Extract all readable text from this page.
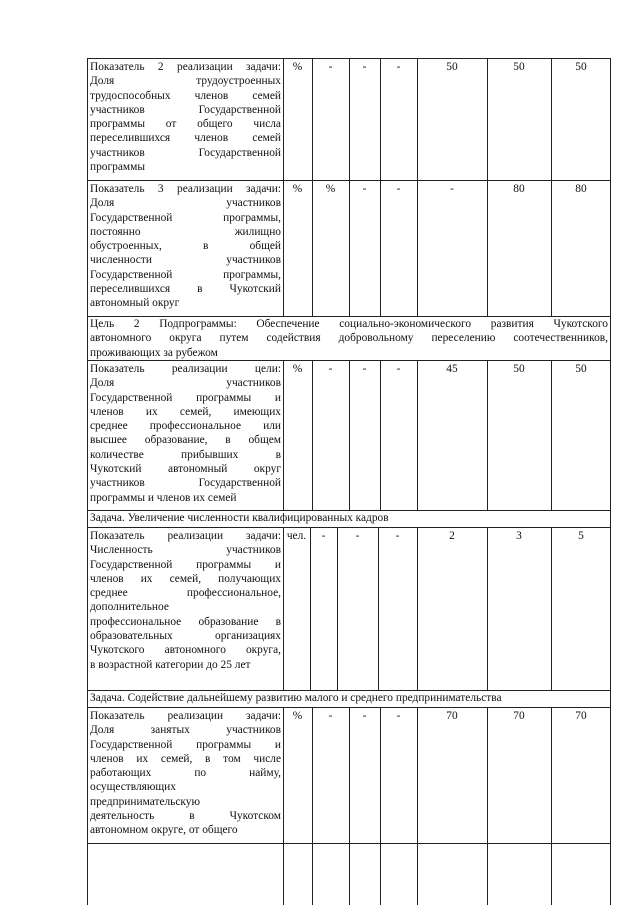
Показатель 2 реализации задачи:
Доля трудоустроенных
трудоспособных членов семей
участников Государственной
программы от общего числа
переселившихся членов семей
участников Государственной
программы
%	-	-	-	50	50	50
Показатель 3 реализации задачи:
Доля участников
Государственной программы,
постоянно жилищно
обустроенных, в общей
численности участников
Государственной программы,
переселившихся в Чукотский
автономный округ
%	%	-	-	-	80	80
Цель 2 Подпрограммы: Обеспечение социально-экономического развития Чукотского
автономного округа путем содействия добровольному переселению соотечественников,
проживающих за рубежом
Показатель реализации цели:
Доля участников
Государственной программы и
членов их семей, имеющих
среднее профессиональное или
высшее образование, в общем
количестве прибывших в
Чукотский автономный округ
участников Государственной
программы и членов их семей
%	-	-	-	45	50	50
Задача. Увеличение численности квалифицированных кадров
Показатель реализации задачи:
Численность участников
Государственной программы и
членов их семей, получающих
среднее профессиональное,
дополнительное
профессиональное образование в
образовательных организациях
Чукотского автономного округа,
в возрастной категории до 25 лет
чел.	-	-	-	2	3	5
Задача. Содействие дальнейшему развитию малого и среднего предпринимательства
Показатель реализации задачи:
Доля занятых участников
Государственной программы и
членов их семей, в том числе
работающих по найму,
осуществляющих
предпринимательскую
деятельность в Чукотском
автономном округе, от общего
%	-	-	-	70	70	70
